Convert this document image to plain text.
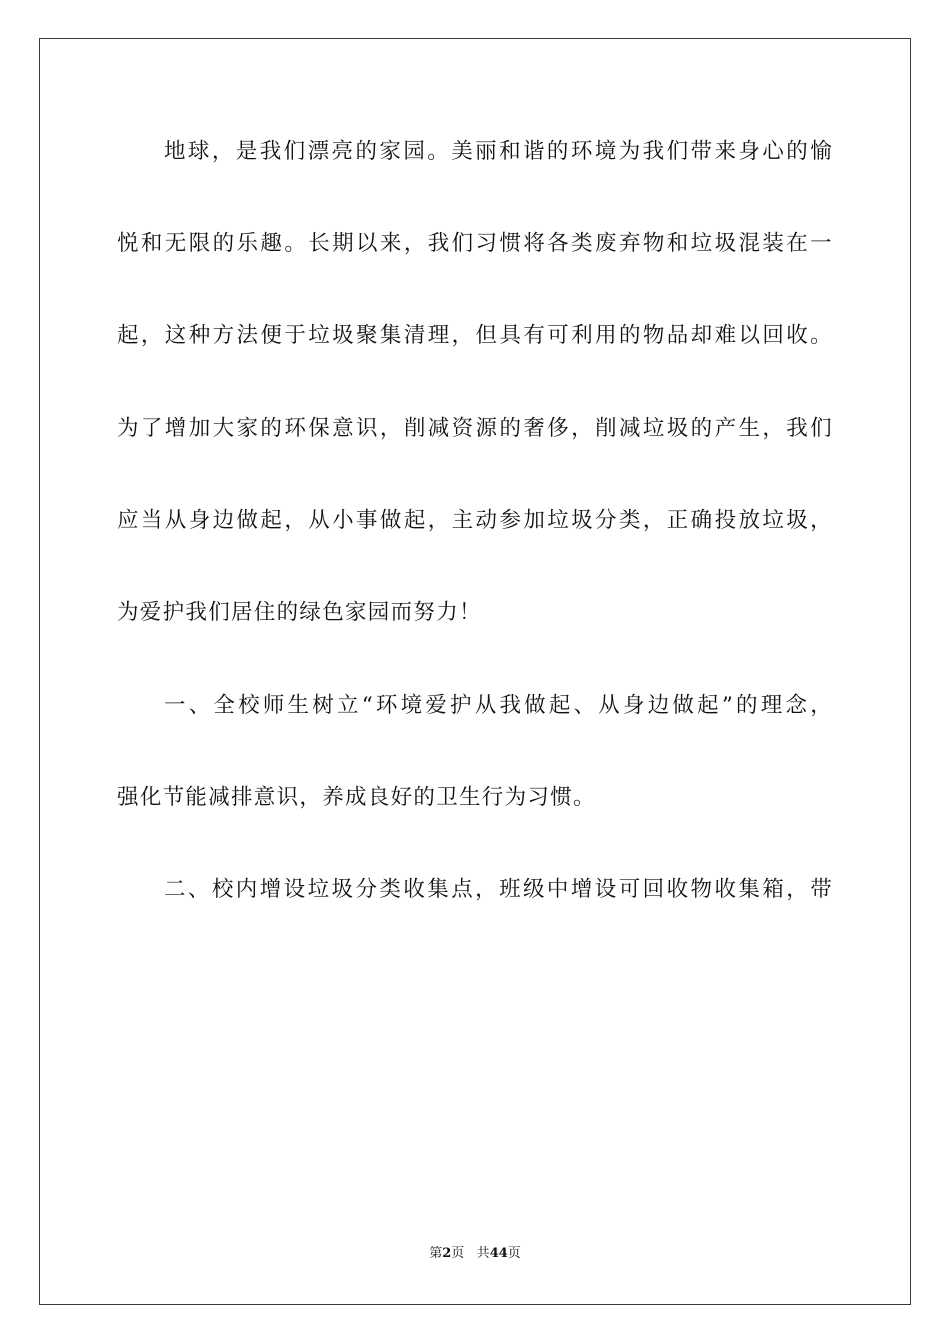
地球，是我们漂亮的家园。美丽和谐的环境为我们带来身心的愉
悦和无限的乐趣。长期以来，我们习惯将各类废弃物和垃圾混装在一
起，这种方法便于垃圾聚集清理，但具有可利用的物品却难以回收。
为了增加大家的环保意识，削减资源的奢侈，削减垃圾的产生，我们
应当从身边做起，从小事做起，主动参加垃圾分类，正确投放垃圾，
为爱护我们居住的绿色家园而努力！
一、全校师生树立“环境爱护从我做起、从身边做起”的理念，
强化节能减排意识，养成良好的卫生行为习惯。
二、校内增设垃圾分类收集点，班级中增设可回收物收集箱，带
第2页 共44页
